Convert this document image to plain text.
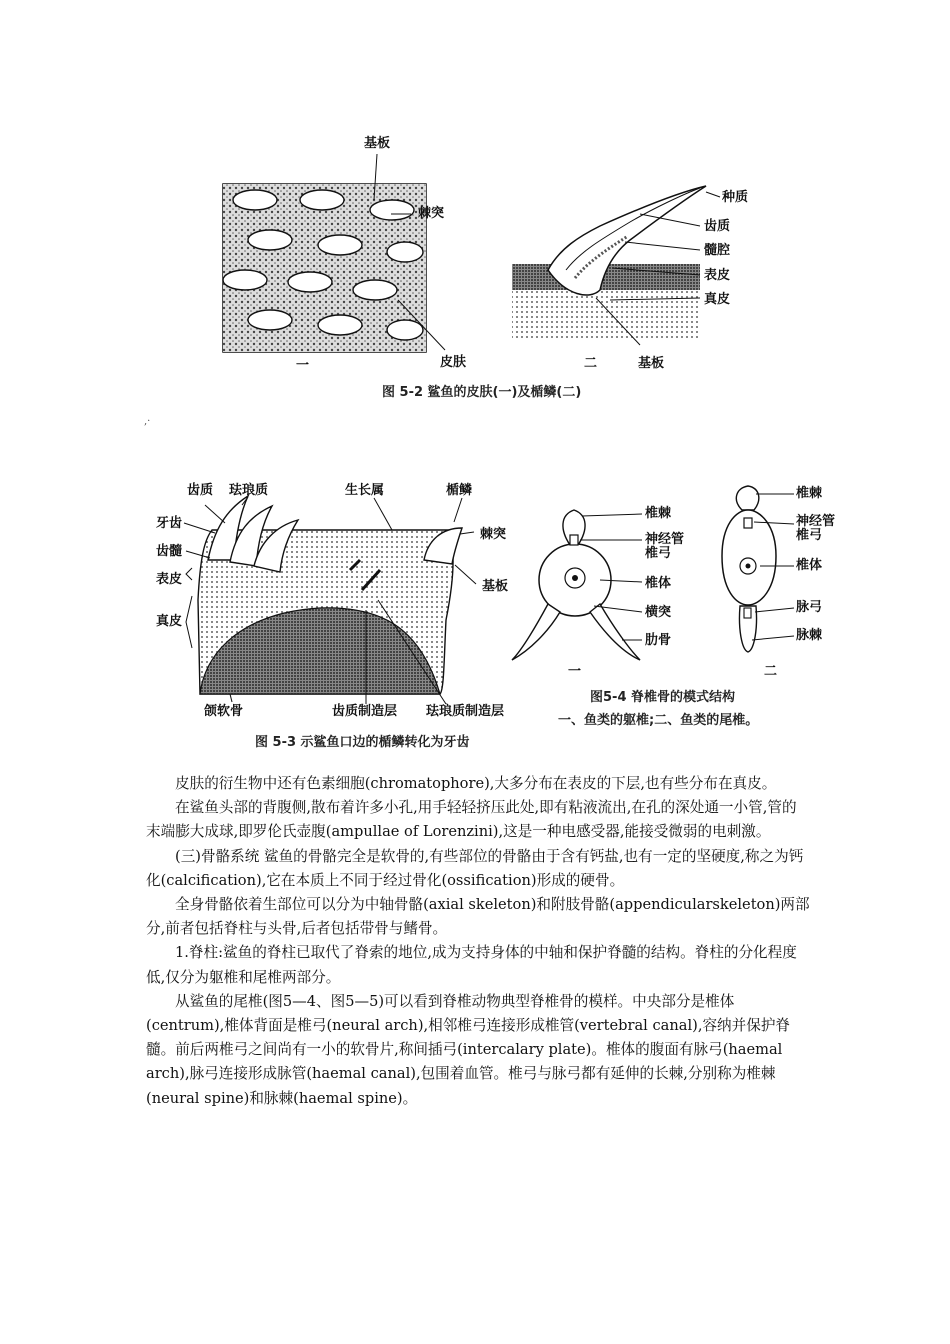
基板
棘突
皮肤
一
种质
齿质
髓腔
表皮
真皮
二	基板
图 5-2 鲨鱼的皮肤(一)及楯鳞(二)
,·
齿质 珐琅质	生长属	楯鳞
牙齿
齿髓
表皮
棘突
基板
真皮
颌软骨	齿质制造层 珐琅质制造层
图 5-3 示鲨鱼口边的楯鳞转化为牙齿
椎棘
神经管
椎弓
椎体
横突
肋骨
一
椎棘
神经管
椎弓
椎体
脉弓
脉棘
二
图5-4 脊椎骨的模式结构
一、鱼类的躯椎;二、鱼类的尾椎。

皮肤的衍生物中还有色素细胞(chromatophore),大多分布在表皮的下层,也有些分布在真皮。

在鲨鱼头部的背腹侧,散布着许多小孔,用手轻轻挤压此处,即有粘液流出,在孔的深处通一小管,管的末端膨大成球,即罗伦氏壶腹(ampullae of Lorenzini),这是一种电感受器,能接受微弱的电刺激。

(三)骨骼系统 鲨鱼的骨骼完全是软骨的,有些部位的骨骼由于含有钙盐,也有一定的坚硬度,称之为钙化(calcification),它在本质上不同于经过骨化(ossification)形成的硬骨。

全身骨骼依着生部位可以分为中轴骨骼(axial skeleton)和附肢骨骼(appendicularskeleton)两部分,前者包括脊柱与头骨,后者包括带骨与鳍骨。

1.脊柱:鲨鱼的脊柱已取代了脊索的地位,成为支持身体的中轴和保护脊髓的结构。脊柱的分化程度低,仅分为躯椎和尾椎两部分。

从鲨鱼的尾椎(图5—4、图5—5)可以看到脊椎动物典型脊椎骨的模样。中央部分是椎体(centrum),椎体背面是椎弓(neural arch),相邻椎弓连接形成椎管(vertebral canal),容纳并保护脊髓。前后两椎弓之间尚有一小的软骨片,称间插弓(intercalary plate)。椎体的腹面有脉弓(haemal arch),脉弓连接形成脉管(haemal canal),包围着血管。椎弓与脉弓都有延伸的长棘,分别称为椎棘(neural spine)和脉棘(haemal spine)。
